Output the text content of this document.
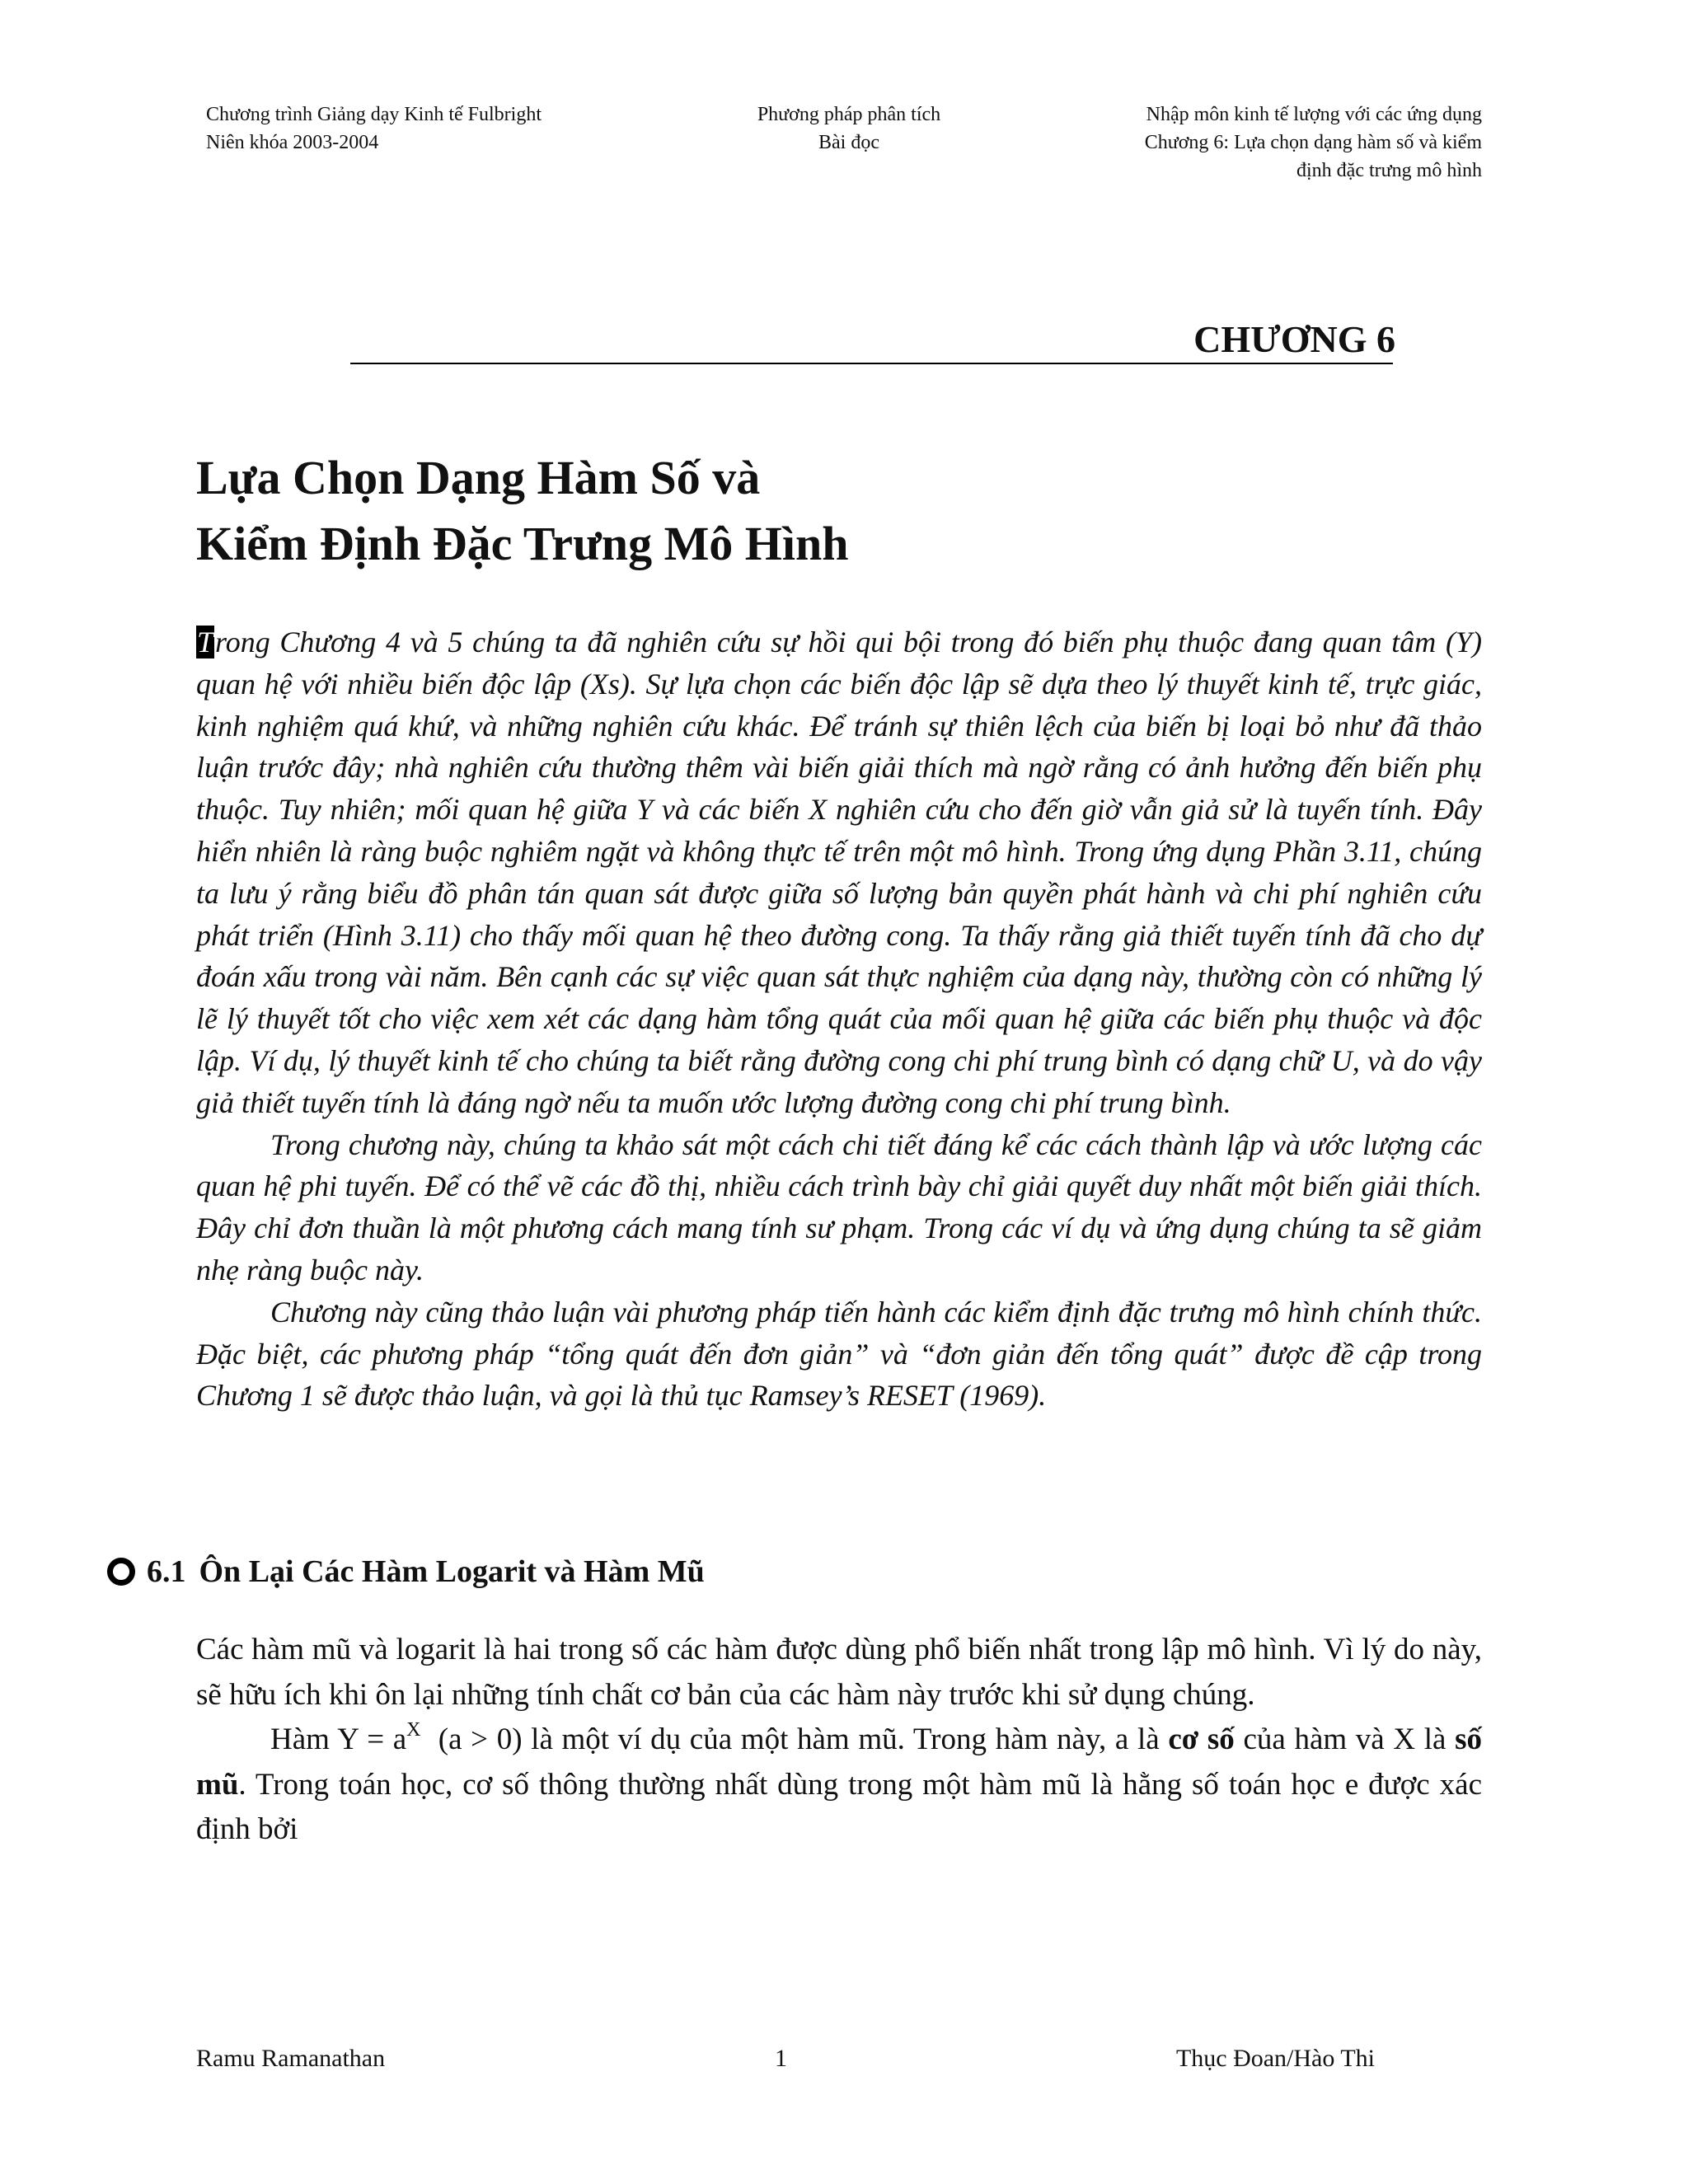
Chương trình Giảng dạy Kinh tế Fulbright
Niên khóa 2003-2004
Phương pháp phân tích
Bài đọc
Nhập môn kinh tế lượng với các ứng dụng
Chương 6: Lựa chọn dạng hàm số và kiểm
định đặc trưng mô hình
CHƯƠNG 6
Lựa Chọn Dạng Hàm Số và
Kiểm Định Đặc Trưng Mô Hình

Trong Chương 4 và 5 chúng ta đã nghiên cứu sự hồi qui bội trong đó biến phụ thuộc đang quan tâm (Y) quan hệ với nhiều biến độc lập (Xs). Sự lựa chọn các biến độc lập sẽ dựa theo lý thuyết kinh tế, trực giác, kinh nghiệm quá khứ, và những nghiên cứu khác. Để tránh sự thiên lệch của biến bị loại bỏ như đã thảo luận trước đây; nhà nghiên cứu thường thêm vài biến giải thích mà ngờ rằng có ảnh hưởng đến biến phụ thuộc. Tuy nhiên; mối quan hệ giữa Y và các biến X nghiên cứu cho đến giờ vẫn giả sử là tuyến tính. Đây hiển nhiên là ràng buộc nghiêm ngặt và không thực tế trên một mô hình. Trong ứng dụng Phần 3.11, chúng ta lưu ý rằng biểu đồ phân tán quan sát được giữa số lượng bản quyền phát hành và chi phí nghiên cứu phát triển (Hình 3.11) cho thấy mối quan hệ theo đường cong. Ta thấy rằng giả thiết tuyến tính đã cho dự đoán xấu trong vài năm. Bên cạnh các sự việc quan sát thực nghiệm của dạng này, thường còn có những lý lẽ lý thuyết tốt cho việc xem xét các dạng hàm tổng quát của mối quan hệ giữa các biến phụ thuộc và độc lập. Ví dụ, lý thuyết kinh tế cho chúng ta biết rằng đường cong chi phí trung bình có dạng chữ U, và do vậy giả thiết tuyến tính là đáng ngờ nếu ta muốn ước lượng đường cong chi phí trung bình.

Trong chương này, chúng ta khảo sát một cách chi tiết đáng kể các cách thành lập và ước lượng các quan hệ phi tuyến. Để có thể vẽ các đồ thị, nhiều cách trình bày chỉ giải quyết duy nhất một biến giải thích. Đây chỉ đơn thuần là một phương cách mang tính sư phạm. Trong các ví dụ và ứng dụng chúng ta sẽ giảm nhẹ ràng buộc này.

Chương này cũng thảo luận vài phương pháp tiến hành các kiểm định đặc trưng mô hình chính thức. Đặc biệt, các phương pháp “tổng quát đến đơn giản” và “đơn giản đến tổng quát” được đề cập trong Chương 1 sẽ được thảo luận, và gọi là thủ tục Ramsey’s RESET (1969).

6.1 Ôn Lại Các Hàm Logarit và Hàm Mũ

Các hàm mũ và logarit là hai trong số các hàm được dùng phổ biến nhất trong lập mô hình. Vì lý do này, sẽ hữu ích khi ôn lại những tính chất cơ bản của các hàm này trước khi sử dụng chúng.

Hàm $Y = a^X$  (a > 0) là một ví dụ của một hàm mũ. Trong hàm này, a là cơ số của hàm và X là số mũ. Trong toán học, cơ số thông thường nhất dùng trong một hàm mũ là hằng số toán học e được xác định bởi

Ramu Ramanathan	1	Thục Đoan/Hào Thi
